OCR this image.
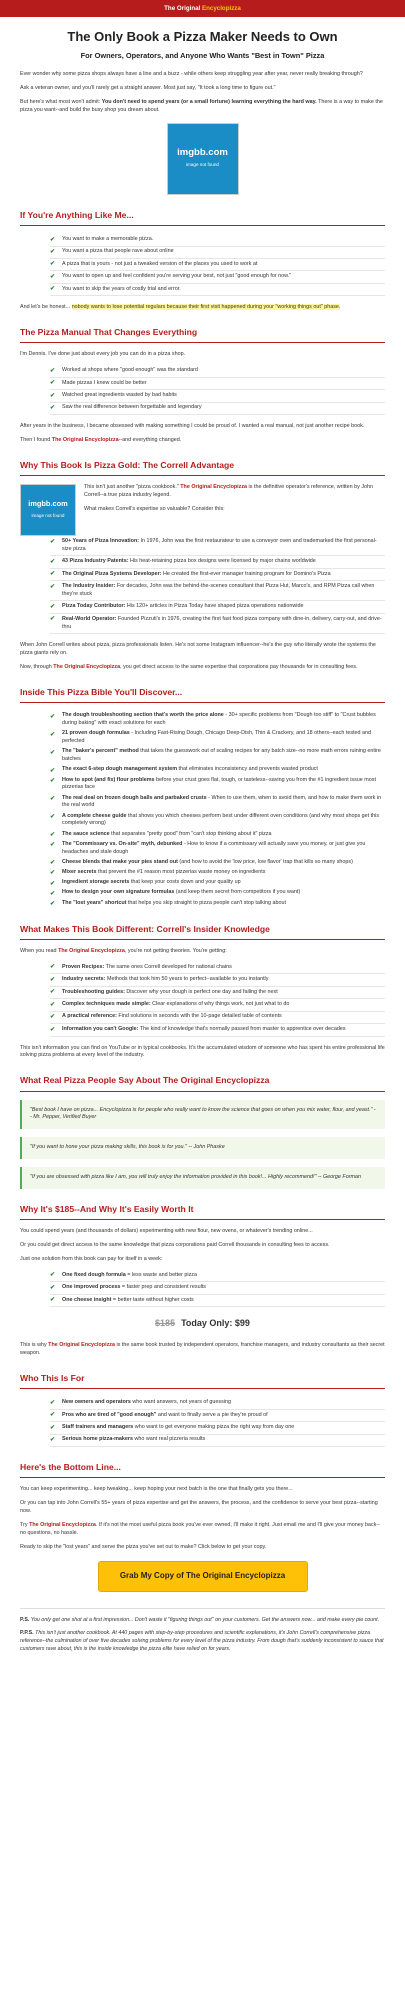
The Original Encyclopizza
The Only Book a Pizza Maker Needs to Own
For Owners, Operators, and Anyone Who Wants "Best in Town" Pizza

Ever wonder why some pizza shops always have a line and a buzz - while others keep struggling year after year, never really breaking through?

Ask a veteran owner, and you'll rarely get a straight answer. Most just say, "It took a long time to figure out."

But here's what most won't admit: You don't need to spend years (or a small fortune) learning everything the hard way. There is a way to make the pizza you want--and build the busy shop you dream about.

imgbb.com
image not found
If You're Anything Like Me...
✔ You want to make a memorable pizza.
✔ You want a pizza that people rave about online
✔ A pizza that is yours - not just a tweaked version of the places you used to work at
✔ You want to open up and feel confident you're serving your best, not just "good enough for now."
✔ You want to skip the years of costly trial and error.

And let's be honest... nobody wants to lose potential regulars because their first visit happened during your "working things out" phase.

The Pizza Manual That Changes Everything

I'm Dennis. I've done just about every job you can do in a pizza shop.

✔ Worked at shops where "good enough" was the standard
✔ Made pizzas I knew could be better
✔ Watched great ingredients wasted by bad habits
✔ Saw the real difference between forgettable and legendary

After years in the business, I became obsessed with making something I could be proud of. I wanted a real manual, not just another recipe book.

Then I found The Original Encyclopizza--and everything changed.

Why This Book Is Pizza Gold: The Correll Advantage
imgbb.com
image not found

This isn't just another "pizza cookbook." The Original Encyclopizza is the definitive operator's reference, written by John Correll--a true pizza industry legend.

What makes Correll's expertise so valuable? Consider this:

✔ 50+ Years of Pizza Innovation: In 1976, John was the first restaurateur to use a conveyor oven and trademarked the first personal-size pizza
✔ 43 Pizza Industry Patents: His heat-retaining pizza box designs were licensed by major chains worldwide
✔ The Original Pizza Systems Developer: He created the first-ever manager training program for Domino's Pizza
✔ The Industry Insider: For decades, John was the behind-the-scenes consultant that Pizza Hut, Marco's, and RPM Pizza call when they're stuck
✔ Pizza Today Contributor: His 120+ articles in Pizza Today have shaped pizza operations nationwide
✔ Real-World Operator: Founded Pizzuti's in 1976, creating the first fast food pizza company with dine-in, delivery, carry-out, and drive-thru

When John Correll writes about pizza, pizza professionals listen. He's not some Instagram influencer--he's the guy who literally wrote the systems the pizza giants rely on.

Now, through The Original Encyclopizza, you get direct access to the same expertise that corporations pay thousands for in consulting fees.

Inside This Pizza Bible You'll Discover...
✔ The dough troubleshooting section that's worth the price alone - 30+ specific problems from "Dough too stiff" to "Crust bubbles during baking" with exact solutions for each
✔ 21 proven dough formulas - Including Fast-Rising Dough, Chicago Deep-Dish, Thin & Crackery, and 18 others--each tested and perfected
✔ The "baker's percent" method that takes the guesswork out of scaling recipes for any batch size--no more math errors ruining entire batches
✔ The exact 6-step dough management system that eliminates inconsistency and prevents wasted product
✔ How to spot (and fix) flour problems before your crust goes flat, tough, or tasteless--saving you from the #1 ingredient issue most pizzerias face
✔ The real deal on frozen dough balls and parbaked crusts - When to use them, when to avoid them, and how to make them work in the real world
✔ A complete cheese guide that shows you which cheeses perform best under different oven conditions (and why most shops get this completely wrong)
✔ The sauce science that separates "pretty good" from "can't stop thinking about it" pizza
✔ The "Commissary vs. On-site" myth, debunked - How to know if a commissary will actually save you money, or just give you headaches and stale dough
✔ Cheese blends that make your pies stand out (and how to avoid the 'low price, low flavor' trap that kills so many shops)
✔ Mixer secrets that prevent the #1 reason most pizzerias waste money on ingredients
✔ Ingredient storage secrets that keep your costs down and your quality up
✔ How to design your own signature formulas (and keep them secret from competitors if you want)
✔ The "lost years" shortcut that helps you skip straight to pizza people can't stop talking about
What Makes This Book Different: Correll's Insider Knowledge

When you read The Original Encyclopizza, you're not getting theories. You're getting:

✔ Proven Recipes: The same ones Correll developed for national chains
✔ Industry secrets: Methods that took him 50 years to perfect--available to you instantly
✔ Troubleshooting guides: Discover why your dough is perfect one day and failing the next
✔ Complex techniques made simple: Clear explanations of why things work, not just what to do
✔ A practical reference: Find solutions in seconds with the 10-page detailed table of contents
✔ Information you can't Google: The kind of knowledge that's normally passed from master to apprentice over decades

This isn't information you can find on YouTube or in typical cookbooks. It's the accumulated wisdom of someone who has spent his entire professional life solving pizza problems at every level of the industry.

What Real Pizza People Say About The Original Encyclopizza
"Best book I have on pizza... Encyclopizza is for people who really want to know the science that goes on when you mix water, flour, and yeast." -- Mr. Pepper, Verified Buyer
"If you want to hone your pizza making skills, this book is for you." -- John Phaske
"If you are obsessed with pizza like I am, you will truly enjoy the information provided in this book!... Highly recommend!" -- George Forman
Why It's $185--And Why It's Easily Worth It

You could spend years (and thousands of dollars) experimenting with new flour, new ovens, or whatever's trending online...

Or you could get direct access to the same knowledge that pizza corporations paid Correll thousands in consulting fees to access.

Just one solution from this book can pay for itself in a week:

✔ One fixed dough formula = less waste and better pizza
✔ One improved process = faster prep and consistent results
✔ One cheese insight = better taste without higher costs
$185 Today Only: $99

This is why The Original Encyclopizza is the same book trusted by independent operators, franchise managers, and industry consultants as their secret weapon.

Who This Is For
✔ New owners and operators who want answers, not years of guessing
✔ Pros who are tired of "good enough" and want to finally serve a pie they're proud of
✔ Staff trainers and managers who want to get everyone making pizza the right way from day one
✔ Serious home pizza-makers who want real pizzeria results
Here's the Bottom Line...

You can keep experimenting... keep tweaking... keep hoping your next batch is the one that finally gets you there...

Or you can tap into John Correll's 55+ years of pizza expertise and get the answers, the process, and the confidence to serve your best pizza--starting now.

Try The Original Encyclopizza. If it's not the most useful pizza book you've ever owned, I'll make it right. Just email me and I'll give your money back--no questions, no hassle.

Ready to skip the "lost years" and serve the pizza you've set out to make? Click below to get your copy.

Grab My Copy of The Original Encyclopizza

P.S. You only get one shot at a first impression... Don't waste it "figuring things out" on your customers. Get the answers now... and make every pie count.

P.P.S. This isn't just another cookbook. At 440 pages with step-by-step procedures and scientific explanations, it's John Correll's comprehensive pizza reference--the culmination of over five decades solving problems for every level of the pizza industry. From dough that's suddenly inconsistent to sauce that customers rave about, this is the inside knowledge the pizza elite have relied on for years.
